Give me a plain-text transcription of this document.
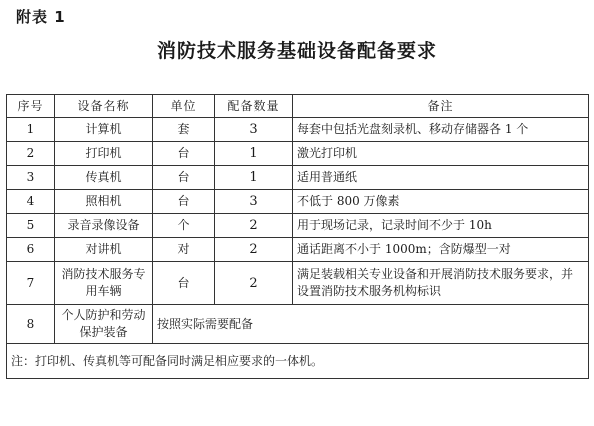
附表 1
消防技术服务基础设备配备要求
序号	设备名称	单位	配备数量	备注
1	计算机	套	3	每套中包括光盘刻录机、移动存储器各 1 个
2	打印机	台	1	激光打印机
3	传真机	台	1	适用普通纸
4	照相机	台	3	不低于 800 万像素
5	录音录像设备	个	2	用于现场记录，记录时间不少于 10h
6	对讲机	对	2	通话距离不小于 1000m；含防爆型一对
7	消防技术服务专用车辆	台	2	满足装载相关专业设备和开展消防技术服务要求，并设置消防技术服务机构标识
8	个人防护和劳动保护装备	按照实际需要配备		
注：打印机、传真机等可配备同时满足相应要求的一体机。				
